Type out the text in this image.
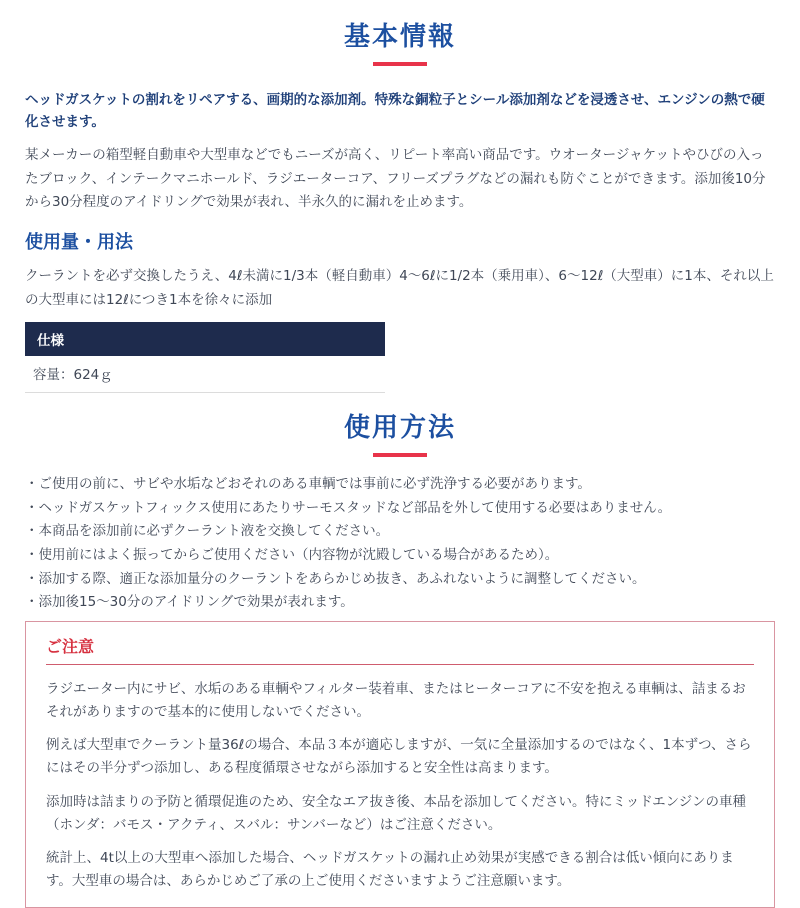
基本情報

ヘッドガスケットの割れをリペアする、画期的な添加剤。特殊な銅粒子とシール添加剤などを浸透させ、エンジンの熱で硬化させます。

某メーカーの箱型軽自動車や大型車などでもニーズが高く、リピート率高い商品です。ウオータージャケットやひびの入ったブロック、インテークマニホールド、ラジエーターコア、フリーズプラグなどの漏れも防ぐことができます。添加後10分から30分程度のアイドリングで効果が表れ、半永久的に漏れを止めます。

使用量・用法

クーラントを必ず交換したうえ、4ℓ未満に1/3本（軽自動車）4〜6ℓに1/2本（乗用車）、6〜12ℓ（大型車）に1本、それ以上の大型車には12ℓにつき1本を徐々に添加

仕様
容量：624ｇ
使用方法
・ご使用の前に、サビや水垢などおそれのある車輌では事前に必ず洗浄する必要があります。
・ヘッドガスケットフィックス使用にあたりサーモスタッドなど部品を外して使用する必要はありません。
・本商品を添加前に必ずクーラント液を交換してください。
・使用前にはよく振ってからご使用ください（内容物が沈殿している場合があるため）。
・添加する際、適正な添加量分のクーラントをあらかじめ抜き、あふれないように調整してください。
・添加後15〜30分のアイドリングで効果が表れます。
ご注意

ラジエーター内にサビ、水垢のある車輌やフィルター装着車、またはヒーターコアに不安を抱える車輌は、詰まるおそれがありますので基本的に使用しないでください。

例えば大型車でクーラント量36ℓの場合、本品３本が適応しますが、一気に全量添加するのではなく、1本ずつ、さらにはその半分ずつ添加し、ある程度循環させながら添加すると安全性は高まります。

添加時は詰まりの予防と循環促進のため、安全なエア抜き後、本品を添加してください。特にミッドエンジンの車種（ホンダ：バモス・アクティ、スバル：サンバーなど）はご注意ください。

統計上、4t以上の大型車へ添加した場合、ヘッドガスケットの漏れ止め効果が実感できる割合は低い傾向にあります。大型車の場合は、あらかじめご了承の上ご使用くださいますようご注意願います。
